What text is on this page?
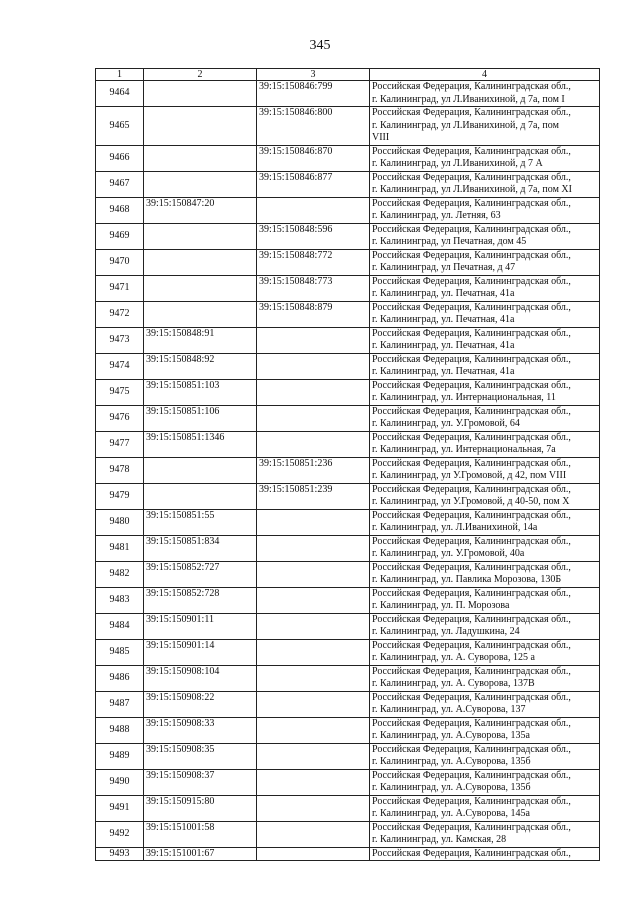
345
1	2	3	4
9464		39:15:150846:799	Российская Федерация, Калининградская обл.,
г. Калининград, ул Л.Иванихиной, д 7а, пом I

9465		39:15:150846:800	Российская Федерация, Калининградская обл.,
г. Калининград, ул Л.Иванихиной, д 7а, пом
VIII

9466		39:15:150846:870	Российская Федерация, Калининградская обл.,
г. Калининград, ул Л.Иванихиной, д 7 А

9467		39:15:150846:877	Российская Федерация, Калининградская обл.,
г. Калининград, ул Л.Иванихиной, д 7а, пом XI

9468	39:15:150847:20		Российская Федерация, Калининградская обл.,
г. Калининград, ул. Летняя, 63

9469		39:15:150848:596	Российская Федерация, Калининградская обл.,
г. Калининград, ул Печатная, дом 45

9470		39:15:150848:772	Российская Федерация, Калининградская обл.,
г. Калининград, ул Печатная, д 47

9471		39:15:150848:773	Российская Федерация, Калининградская обл.,
г. Калининград, ул. Печатная, 41а

9472		39:15:150848:879	Российская Федерация, Калининградская обл.,
г. Калининград, ул. Печатная, 41а

9473	39:15:150848:91		Российская Федерация, Калининградская обл.,
г. Калининград, ул. Печатная, 41а

9474	39:15:150848:92		Российская Федерация, Калининградская обл.,
г. Калининград, ул. Печатная, 41а

9475	39:15:150851:103		Российская Федерация, Калининградская обл.,
г. Калининград, ул. Интернациональная, 11

9476	39:15:150851:106		Российская Федерация, Калининградская обл.,
г. Калининград, ул. У.Громовой, 64

9477	39:15:150851:1346		Российская Федерация, Калининградская обл.,
г. Калининград, ул. Интернациональная, 7а

9478		39:15:150851:236	Российская Федерация, Калининградская обл.,
г. Калининград, ул У.Громовой, д 42, пом VIII

9479		39:15:150851:239	Российская Федерация, Калининградская обл.,
г. Калининград, ул У.Громовой, д 40-50, пом X

9480	39:15:150851:55		Российская Федерация, Калининградская обл.,
г. Калининград, ул. Л.Иванихиной, 14а

9481	39:15:150851:834		Российская Федерация, Калининградская обл.,
г. Калининград, ул. У.Громовой, 40а

9482	39:15:150852:727		Российская Федерация, Калининградская обл.,
г. Калининград, ул. Павлика Морозова, 130Б

9483	39:15:150852:728		Российская Федерация, Калининградская обл.,
г. Калининград, ул. П. Морозова

9484	39:15:150901:11		Российская Федерация, Калининградская обл.,
г. Калининград, ул. Ладушкина, 24

9485	39:15:150901:14		Российская Федерация, Калининградская обл.,
г. Калининград, ул. А. Суворова, 125 а

9486	39:15:150908:104		Российская Федерация, Калининградская обл.,
г. Калининград, ул. А. Суворова, 137В

9487	39:15:150908:22		Российская Федерация, Калининградская обл.,
г. Калининград, ул. А.Суворова, 137

9488	39:15:150908:33		Российская Федерация, Калининградская обл.,
г. Калининград, ул. А.Суворова, 135а

9489	39:15:150908:35		Российская Федерация, Калининградская обл.,
г. Калининград, ул. А.Суворова, 135б

9490	39:15:150908:37		Российская Федерация, Калининградская обл.,
г. Калининград, ул. А.Суворова, 135б

9491	39:15:150915:80		Российская Федерация, Калининградская обл.,
г. Калининград, ул. А.Суворова, 145а

9492	39:15:151001:58		Российская Федерация, Калининградская обл.,
г. Калининград, ул. Камская, 28

9493	39:15:151001:67		Российская Федерация, Калининградская обл.,
